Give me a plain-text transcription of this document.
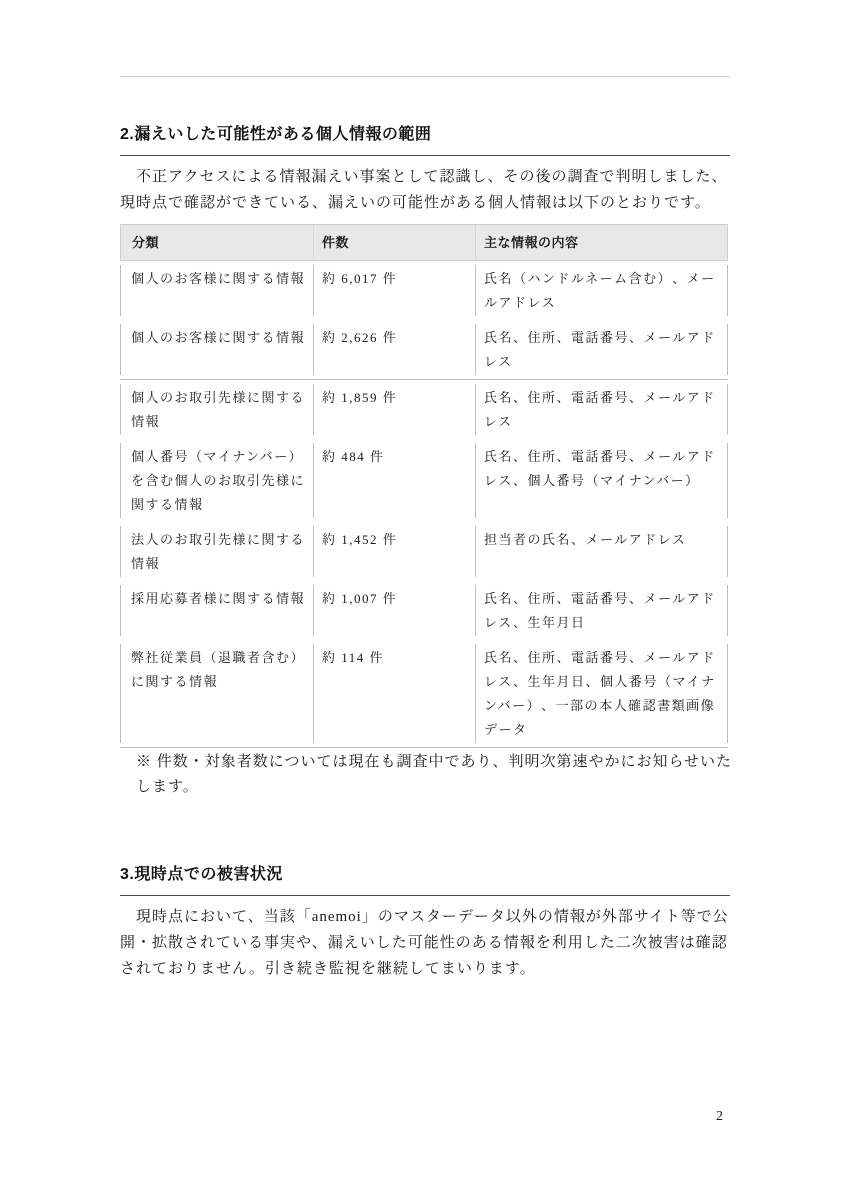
2.漏えいした可能性がある個人情報の範囲

不正アクセスによる情報漏えい事案として認識し、その後の調査で判明しました、現時点で確認ができている、漏えいの可能性がある個人情報は以下のとおりです。

分類	件数	主な情報の内容
個人のお客様に関する情報	約 6,017 件	氏名（ハンドルネーム含む）、メールアドレス
個人のお客様に関する情報	約 2,626 件	氏名、住所、電話番号、メールアドレス
個人のお取引先様に関する情報	約 1,859 件	氏名、住所、電話番号、メールアドレス
個人番号（マイナンバー）を含む個人のお取引先様に関する情報	約 484 件	氏名、住所、電話番号、メールアドレス、個人番号（マイナンバー）
法人のお取引先様に関する情報	約 1,452 件	担当者の氏名、メールアドレス
採用応募者様に関する情報	約 1,007 件	氏名、住所、電話番号、メールアドレス、生年月日
弊社従業員（退職者含む）に関する情報	約 114 件	氏名、住所、電話番号、メールアドレス、生年月日、個人番号（マイナンバー）、一部の本人確認書類画像データ

※ 件数・対象者数については現在も調査中であり、判明次第速やかにお知らせいたします。

3.現時点での被害状況

現時点において、当該「anemoi」のマスターデータ以外の情報が外部サイト等で公開・拡散されている事実や、漏えいした可能性のある情報を利用した二次被害は確認されておりません。引き続き監視を継続してまいります。

2
